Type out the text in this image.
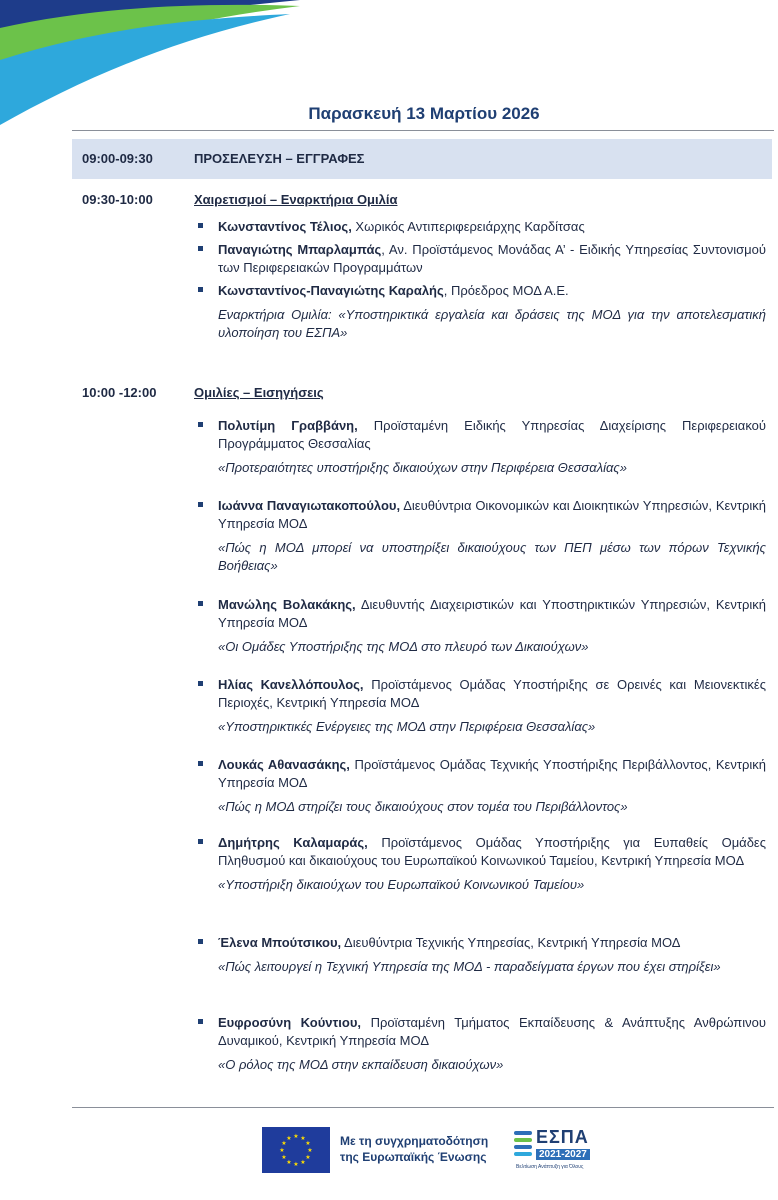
Παρασκευή 13 Μαρτίου 2026
09:00-09:30	ΠΡΟΣΕΛΕΥΣΗ – ΕΓΓΡΑΦΕΣ
09:30-10:00	Χαιρετισμοί – Εναρκτήρια Ομιλία

Κωνσταντίνος Τέλιος, Χωρικός Αντιπεριφερειάρχης Καρδίτσας

Παναγιώτης Μπαρλαμπάς, Αν. Προϊστάμενος Μονάδας Α’ - Ειδικής Υπηρεσίας Συντονισμού των Περιφερειακών Προγραμμάτων

Κωνσταντίνος-Παναγιώτης Καραλής, Πρόεδρος ΜΟΔ Α.Ε.

Εναρκτήρια Ομιλία: «Υποστηρικτικά εργαλεία και δράσεις της ΜΟΔ για την αποτελεσματική υλοποίηση του ΕΣΠΑ»

10:00 -12:00	Ομιλίες – Εισηγήσεις

Πολυτίμη Γραββάνη, Προϊσταμένη Ειδικής Υπηρεσίας Διαχείρισης Περιφερειακού Προγράμματος Θεσσαλίας

«Προτεραιότητες υποστήριξης δικαιούχων στην Περιφέρεια Θεσσαλίας»

Ιωάννα Παναγιωτακοπούλου, Διευθύντρια Οικονομικών και Διοικητικών Υπηρεσιών, Κεντρική Υπηρεσία ΜΟΔ

«Πώς η ΜΟΔ μπορεί να υποστηρίξει δικαιούχους των ΠΕΠ μέσω των πόρων Τεχνικής Βοήθειας»

Μανώλης Βολακάκης, Διευθυντής Διαχειριστικών και Υποστηρικτικών Υπηρεσιών, Κεντρική Υπηρεσία ΜΟΔ

«Οι Ομάδες Υποστήριξης της ΜΟΔ στο πλευρό των Δικαιούχων»

Ηλίας Κανελλόπουλος, Προϊστάμενος Ομάδας Υποστήριξης σε Ορεινές και Μειονεκτικές Περιοχές, Κεντρική Υπηρεσία ΜΟΔ

«Υποστηρικτικές Ενέργειες της ΜΟΔ στην Περιφέρεια Θεσσαλίας»

Λουκάς Αθανασάκης, Προϊστάμενος Ομάδας Τεχνικής Υποστήριξης Περιβάλλοντος, Κεντρική Υπηρεσία ΜΟΔ

«Πώς η ΜΟΔ στηρίζει τους δικαιούχους στον τομέα του Περιβάλλοντος»

Δημήτρης Καλαμαράς, Προϊστάμενος Ομάδας Υποστήριξης για Ευπαθείς Ομάδες Πληθυσμού και δικαιούχους του Ευρωπαϊκού Κοινωνικού Ταμείου, Κεντρική Υπηρεσία ΜΟΔ

«Υποστήριξη δικαιούχων του Ευρωπαϊκού Κοινωνικού Ταμείου»

Έλενα Μπούτσικου, Διευθύντρια Τεχνικής Υπηρεσίας, Κεντρική Υπηρεσία ΜΟΔ

«Πώς λειτουργεί η Τεχνική Υπηρεσία της ΜΟΔ - παραδείγματα έργων που έχει στηρίξει»

Ευφροσύνη Κούντιου, Προϊσταμένη Τμήματος Εκπαίδευσης & Ανάπτυξης Ανθρώπινου Δυναμικού, Κεντρική Υπηρεσία ΜΟΔ

«Ο ρόλος της ΜΟΔ στην εκπαίδευση δικαιούχων»

★ ★
★
★
★
★
★
★
★
★
★
★	Με τη συγχρηματοδότηση
της Ευρωπαϊκής Ένωσης
ΕΣΠΑ
2021-2027
Βελτίωση Ανάπτυξη για Όλους
